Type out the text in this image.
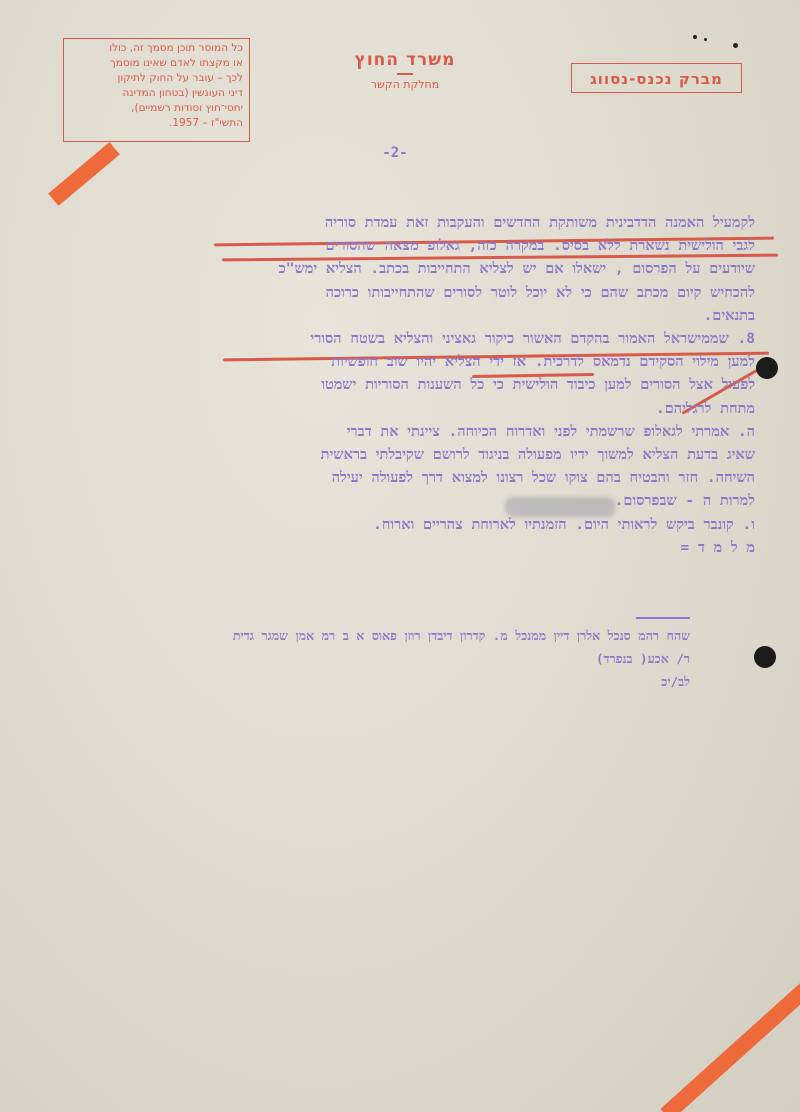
כל המוסר תוכן מסמך זה, כולו
או מקצתו לאדם שאינו מוסמך
לכך – עובר על החוק לתיקון
דיני העונשין (בטחון המדינה
יחסי־חוץ וסודות רשמיים),
התשי"ז – 1957.
משרד החוץ
מחלקת הקשר	מברק נכנס-נסווג
-2-

לקמעיל האמנה הדדבינית משותקת החדשים והעקבות זאת עמדת סוריה

לגבי הולישית נשארת ללא בסיס. במקרה כזה, גאלופ מצאה שהסורים

שיודעים על הפרסום , ישאלו אם יש לצליא התחייבות בכתב. הצליא ימש"כ

להכחיש קיום מכתב שהם כי לא יוכל לוטר לסורים שהתחייבותו כרוכה

בתנאים.

8. שממישראל האמור בהקדם האשור כיקור גאציני והצליא בשטח הסורי

למען מילוי הסקידם נדמאס לדרכית. אז ידי הצליא יהיו שוב חופשיות

לפעול אצל הסורים למען כיבוד הולישית כי כל השענות הסוריות ישמטו

מתחת לרגליהם.

ה. אמרתי לגאלופ שרשמתי לפני ואדרוח הכיוחה. ציינתי את דברי

שאיג בדעת הצליא למשוך ידיו מפעולה בניגוד לרושם שקיבלתי בראשית

השיחה. חזר והבטיח בהם צוקו שכל רצונו למצוא דרך לפעולה יעילה

למרות ה - שבפרסום.

ו. קונבר ביקש לראותי היום. הזמנתיו לארוחת צהריים וארוח.

מ ל מ ד =

שהח רהמ סנכל אלרן דיין ממנכל מ. קדרון דיבדן רוזן פאוס א ב רמ אמן שמגר גדית

ר/ אכע( בנפרד)

לב/יכ
